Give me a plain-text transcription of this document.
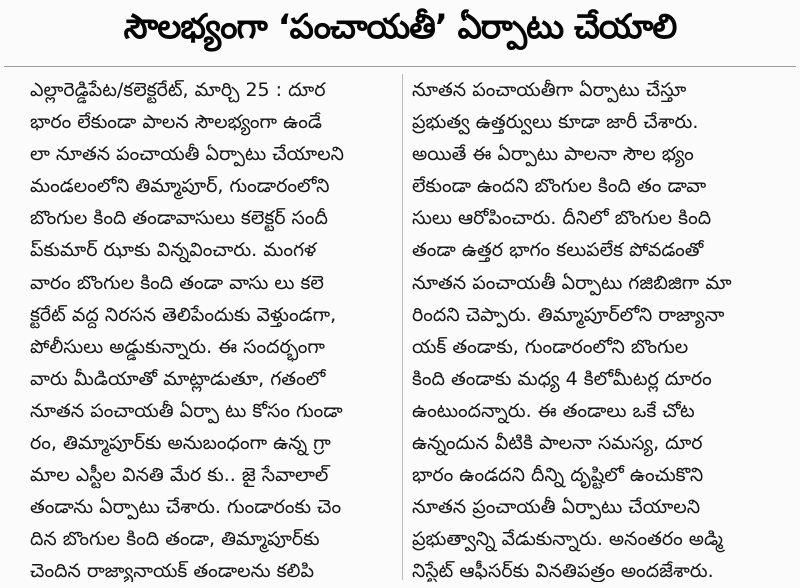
సౌలభ్యంగా ‘పంచాయతీ’ ఏర్పాటు చేయాలి
ఎల్లారెడ్డిపేట/కలెక్టరేట్, మార్చి 25 : దూర
భారం లేకుండా పాలన సౌలభ్యంగా ఉండే
లా నూతన పంచాయతీ ఏర్పాటు చేయాలని
మండలంలోని తిమ్మాపూర్, గుండారంలోని
బొంగుల కింది తండావాసులు కలెక్టర్ సందీ
ప్‌కుమార్ ఝాకు విన్నవించారు. మంగళ
వారం బొంగుల కింది తండా వాసు లు కలె
క్టరేట్ వద్ద నిరసన తెలిపేందుకు వెళ్తుండగా,
పోలీసులు అడ్డుకున్నారు. ఈ సందర్భంగా
వారు మీడియాతో మాట్లాడుతూ, గతంలో
నూతన పంచాయతీ ఏర్పా టు కోసం గుండా
రం, తిమ్మాపూర్‌కు అనుబంధంగా ఉన్న గ్రా
మాల ఎస్టీల వినతి మేర కు.. జై సేవాలాల్
తండాను ఏర్పాటు చేశారు. గుండారంకు చెం
దిన బొంగుల కింది తండా, తిమ్మాపూర్‌కు
చెందిన రాజ్యానాయక్ తండాలను కలిపి
నూతన పంచాయతీగా ఏర్పాటు చేస్తూ
ప్రభుత్వ ఉత్తర్వులు కూడా జారీ చేశారు.
అయితే ఈ ఏర్పాటు పాలనా సౌల భ్యం
లేకుండా ఉందని బొంగుల కింది తం డావా
సులు ఆరోపించారు. దీనిలో బొంగుల కింది
తండా ఉత్తర భాగం కలుపలేక పోవడంతో
నూతన పంచాయతీ ఏర్పాటు గజిబిజిగా మా
రిందని చెప్పారు. తిమ్మాపూర్‌లోని రాజ్యానా
యక్ తండాకు, గుండారంలోని బొంగుల
కింది తండాకు మధ్య 4 కిలోమీటర్ల దూరం
ఉంటుందన్నారు. ఈ తండాలు ఒకే చోట
ఉన్నందున వీటికి పాలనా సమస్య, దూర
భారం ఉండదని దీన్ని దృష్టిలో ఉంచుకొని
నూతన ప్రంచాయతీ ఏర్పాటు చేయాలని
ప్రభుత్వాన్ని వేడుకున్నారు. అనంతరం అడ్మి
నిస్టేట్ ఆఫీసర్‌కు వినతిపత్రం అందజేశారు.
